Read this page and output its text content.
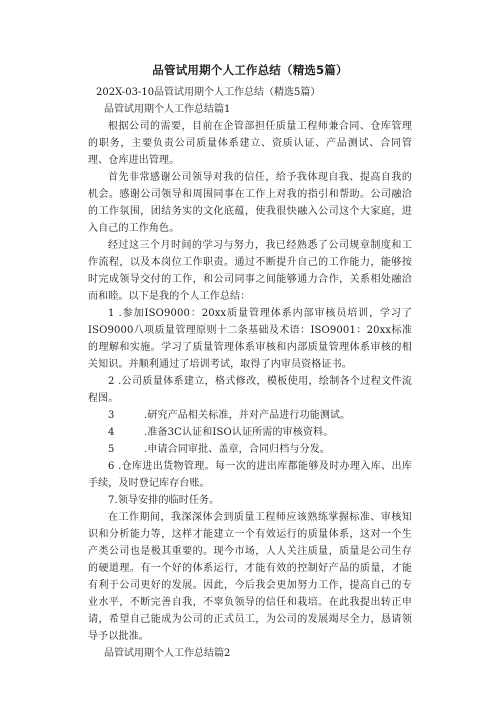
品管试用期个人工作总结（精选5篇）
202X-03-10品管试用期个人工作总结（精选5篇）
品管试用期个人工作总结篇1

根据公司的需要，目前在企管部担任质量工程师兼合同、仓库管理的职务，主要负责公司质量体系建立、资质认证、产品测试、合同管理、仓库进出管理。

首先非常感谢公司领导对我的信任，给予我体现自我、提高自我的机会。感谢公司领导和周围同事在工作上对我的指引和帮助。公司融洽的工作氛围，团结务实的文化底蕴，使我很快融入公司这个大家庭，进入自己的工作角色。

经过这三个月时间的学习与努力，我已经熟悉了公司规章制度和工作流程，以及本岗位工作职责。通过不断提升自己的工作能力，能够按时完成领导交付的工作，和公司同事之间能够通力合作，关系相处融洽而和睦。以下是我的个人工作总结：

1 .参加ISO9000：20xx质量管理体系内部审核员培训，学习了ISO9000八项质量管理原则十二条基础及术语：ISO9001：20xx标准的理解和实施。学习了质量管理体系审核和内部质量管理体系审核的相关知识。并顺利通过了培训考试，取得了内审员资格证书。

2 .公司质量体系建立，格式修改，模板使用，绘制各个过程文件流程图。

3	.研究产品相关标准，并对产品进行功能测试。

4	.准备3C认证和ISO认证所需的审核资料。

5	.申请合同审批、盖章，合同归档与分发。

6 .仓库进出货物管理。每一次的进出库都能够及时办理入库、出库手续，及时登记库存台账。

7.领导安排的临时任务。

在工作期间，我深深体会到质量工程师应该熟练掌握标准、审核知识和分析能力等，这样才能建立一个有效运行的质量体系，这对一个生产类公司也是极其重要的。现今市场，人人关注质量，质量是公司生存的硬道理。有一个好的体系运行，才能有效的控制好产品的质量，才能有利于公司更好的发展。因此，今后我会更加努力工作，提高自己的专业水平，不断完善自我，不辜负领导的信任和栽培。在此我提出转正申请，希望自己能成为公司的正式员工，为公司的发展竭尽全力，恳请领导予以批准。

品管试用期个人工作总结篇2
